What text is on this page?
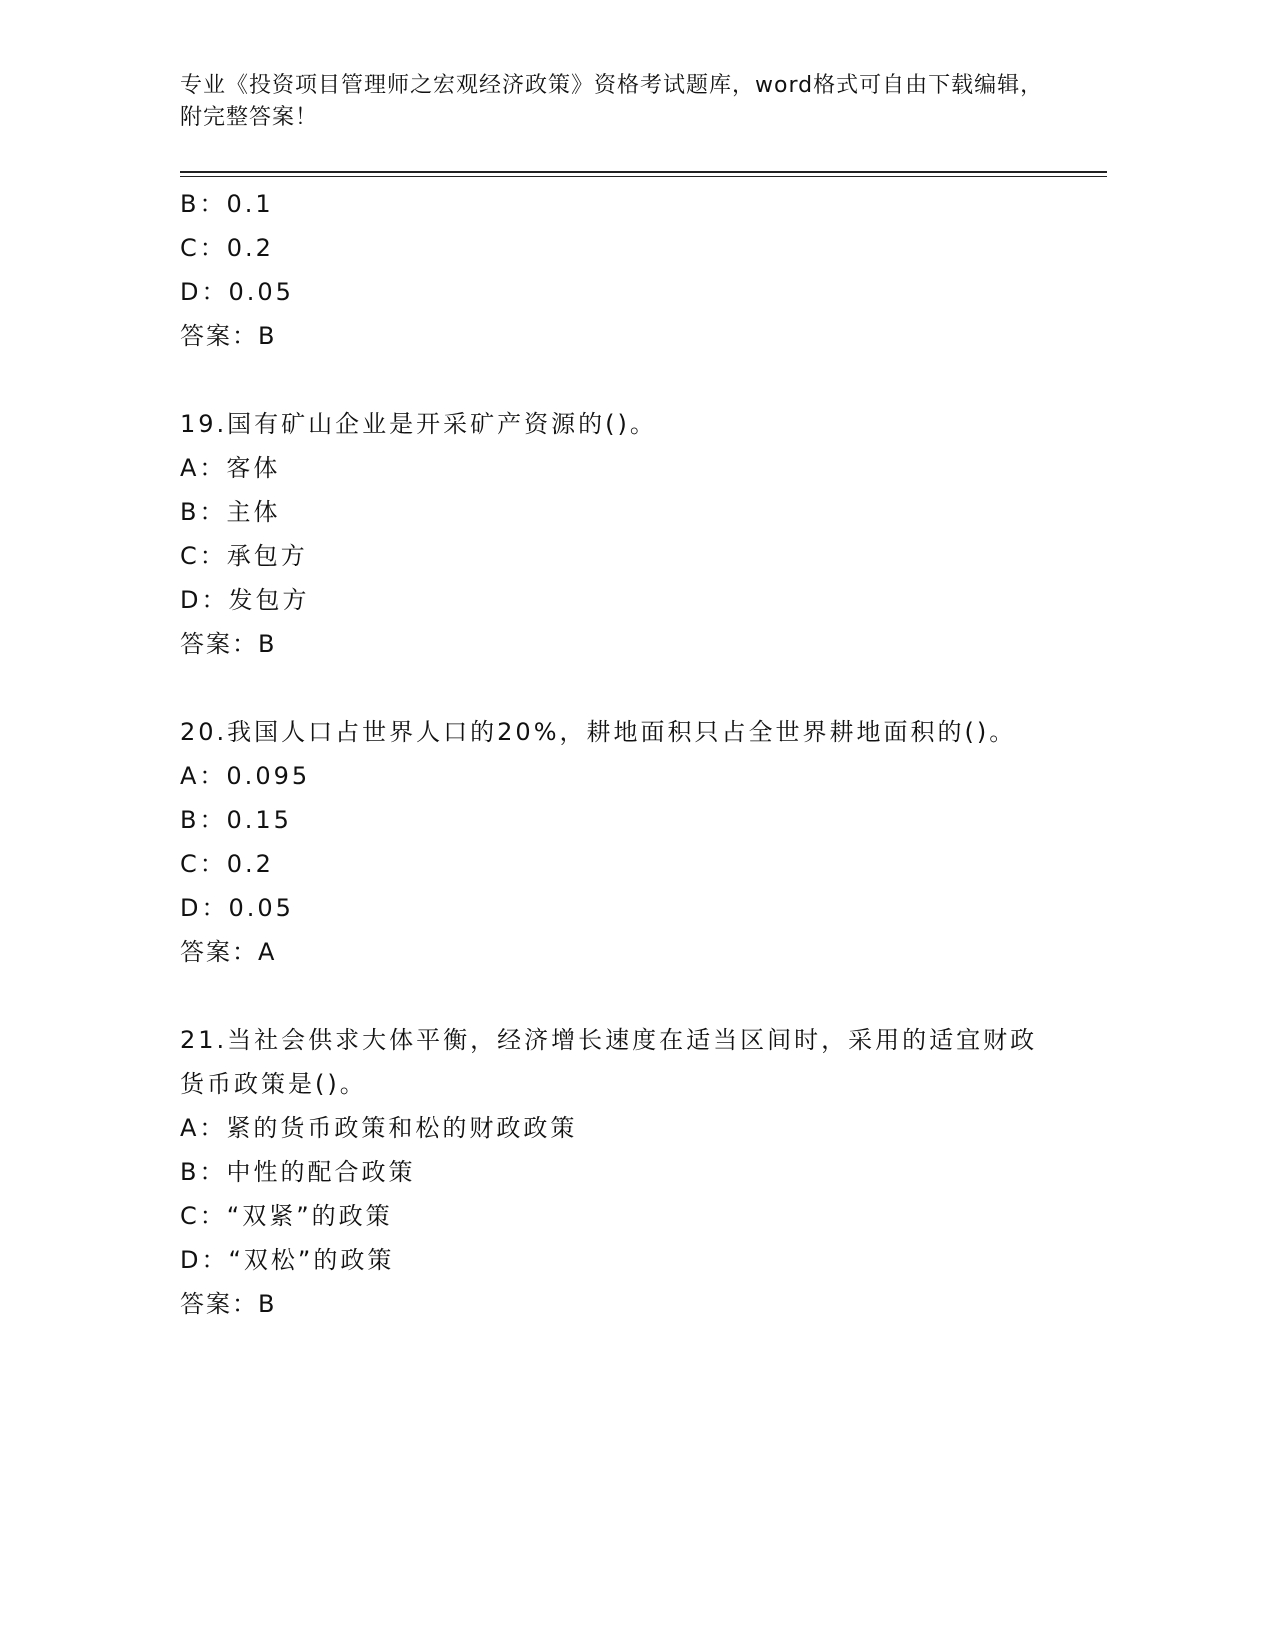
专业《投资项目管理师之宏观经济政策》资格考试题库，word格式可自由下载编辑，附完整答案！
B：0.1
C：0.2
D：0.05
答案：B
19.国有矿山企业是开采矿产资源的()。
A：客体
B：主体
C：承包方
D：发包方
答案：B
20.我国人口占世界人口的20%，耕地面积只占全世界耕地面积的()。
A：0.095
B：0.15
C：0.2
D：0.05
答案：A
21.当社会供求大体平衡，经济增长速度在适当区间时，采用的适宜财政货币政策是()。
A：紧的货币政策和松的财政政策
B：中性的配合政策
C：“双紧”的政策
D：“双松”的政策
答案：B
